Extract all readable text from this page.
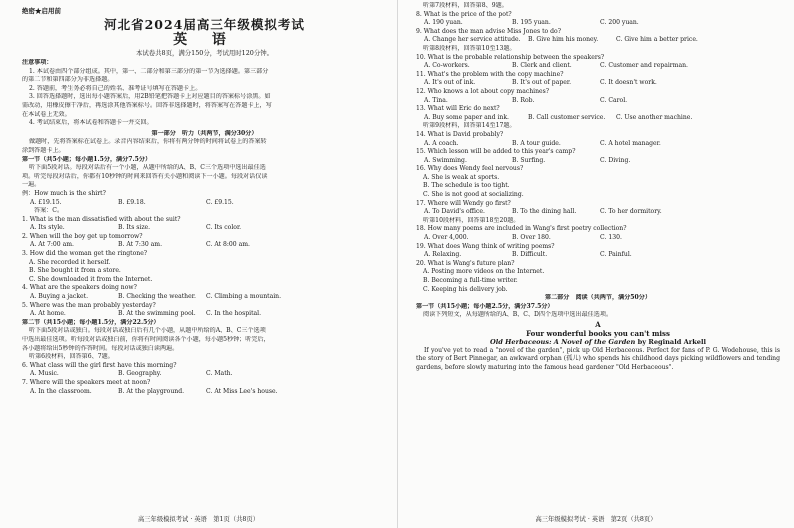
绝密★启用前
河北省2024届高三年级模拟考试
英 语
本试卷共8页，满分150分，考试用时120分钟。
注意事项：
1. 本试卷由四个部分组成。其中，第一、二部分和第三部分的第一节为选择题。第三部分
的第二节和第四部分为非选择题。
2. 答题前，考生务必将自己的姓名、准考证号填写在答题卡上。
3. 回答选择题时，选出每小题答案后，用2B铅笔把答题卡上对应题目的答案标号涂黑。如
需改动，用橡皮擦干净后，再选涂其他答案标号。回答非选择题时，将答案写在答题卡上，写
在本试卷上无效。
4. 考试结束后，将本试卷和答题卡一并交回。
第一部分　听力（共两节，满分30分）
做题时，先将答案标在试卷上。录音内容结束后，你将有两分钟的时间将试卷上的答案转
涂到答题卡上。
第一节（共5小题；每小题1.5分，满分7.5分）
听下面5段对话。每段对话后有一个小题，从题中所给的A、B、C三个选项中选出最佳选
项。听完每段对话后，你都有10秒钟的时间来回答有关小题和阅读下一小题。每段对话仅读
一遍。
例：How much is the shirt?
A. £19.15.	B. £9.18.	C. £9.15.
答案：C。
1. What is the man dissatisfied with about the suit?
A. Its style.	B. Its size.	C. Its color.
2. When will the boy get up tomorrow?
A. At 7:00 am.	B. At 7:30 am.	C. At 8:00 am.
3. How did the woman get the ringtone?
A. She recorded it herself.
B. She bought it from a store.
C. She downloaded it from the Internet.
4. What are the speakers doing now?
A. Buying a jacket.	B. Checking the weather.	C. Climbing a mountain.
5. Where was the man probably yesterday?
A. At home.	B. At the swimming pool.	C. In the hospital.
第二节（共15小题；每小题1.5分，满分22.5分）
听下面5段对话或独白。每段对话或独白后有几个小题，从题中所给的A、B、C三个选项
中选出最佳选项。听每段对话或独白前，你将有时间阅读各个小题，每小题5秒钟；听完后，
各小题将给出5秒钟的作答时间。每段对话或独白读两遍。
听第6段材料，回答第6、7题。
6. What class will the girl first have this morning?
A. Music.	B. Geography.	C. Math.
7. Where will the speakers meet at noon?
A. In the classroom.	B. At the playground.	C. At Miss Lee's house.
高三年级模拟考试 · 英语　第1页（共8页）
听第7段材料，回答第8、9题。
8. What is the price of the pot?
A. 190 yuan.	B. 195 yuan.	C. 200 yuan.
9. What does the man advise Miss Jones to do?
A. Change her service attitude.	B. Give him his money.	C. Give him a better price.
听第8段材料，回答第10至13题。
10. What is the probable relationship between the speakers?
A. Co-workers.	B. Clerk and client.	C. Customer and repairman.
11. What's the problem with the copy machine?
A. It's out of ink.	B. It's out of paper.	C. It doesn't work.
12. Who knows a lot about copy machines?
A. Tina.	B. Rob.	C. Carol.
13. What will Eric do next?
A. Buy some paper and ink.	B. Call customer service.	C. Use another machine.
听第9段材料，回答第14至17题。
14. What is David probably?
A. A coach.	B. A tour guide.	C. A hotel manager.
15. Which lesson will be added to this year's camp?
A. Swimming.	B. Surfing.	C. Diving.
16. Why does Wendy feel nervous?
A. She is weak at sports.
B. The schedule is too tight.
C. She is not good at socializing.
17. Where will Wendy go first?
A. To David's office.	B. To the dining hall.	C. To her dormitory.
听第10段材料，回答第18至20题。
18. How many poems are included in Wang's first poetry collection?
A. Over 4,000.	B. Over 180.	C. 130.
19. What does Wang think of writing poems?
A. Relaxing.	B. Difficult.	C. Painful.
20. What is Wang's future plan?
A. Posting more videos on the Internet.
B. Becoming a full-time writer.
C. Keeping his delivery job.
第二部分　阅读（共两节，满分50分）
第一节（共15小题；每小题2.5分，满分37.5分）
阅读下列短文，从每题所给的A、B、C、D四个选项中选出最佳选项。
A
Four wonderful books you can't miss
Old Herbaceous: A Novel of the Garden by Reginald Arkell
If you've yet to read a "novel of the garden", pick up Old Herbaceous. Perfect for fans of P. G. Wodehouse, this is the story of Bert Pinnegar, an awkward orphan (孤儿) who spends his childhood days picking wildflowers and tending gardens, before slowly maturing into the famous head gardener "Old Herbaceous".
高三年级模拟考试 · 英语　第2页（共8页）
